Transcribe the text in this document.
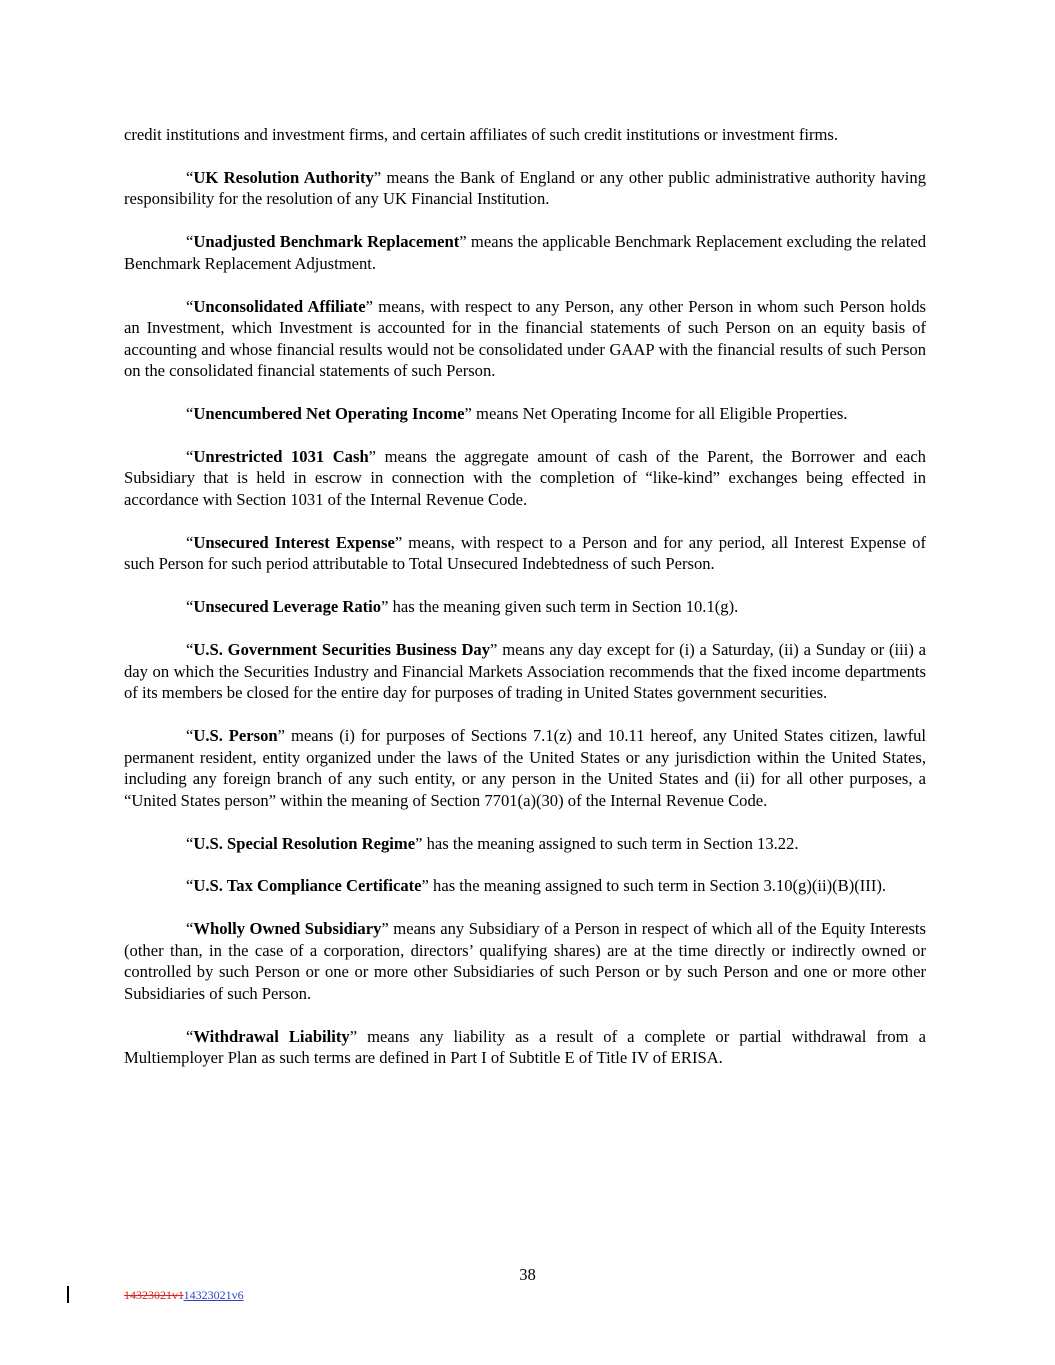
credit institutions and investment firms, and certain affiliates of such credit institutions or investment firms.

“UK Resolution Authority” means the Bank of England or any other public administrative authority having responsibility for the resolution of any UK Financial Institution.

“Unadjusted Benchmark Replacement” means the applicable Benchmark Replacement excluding the related Benchmark Replacement Adjustment.

“Unconsolidated Affiliate” means, with respect to any Person, any other Person in whom such Person holds an Investment, which Investment is accounted for in the financial statements of such Person on an equity basis of accounting and whose financial results would not be consolidated under GAAP with the financial results of such Person on the consolidated financial statements of such Person.

“Unencumbered Net Operating Income” means Net Operating Income for all Eligible Properties.

“Unrestricted 1031 Cash” means the aggregate amount of cash of the Parent, the Borrower and each Subsidiary that is held in escrow in connection with the completion of “like-kind” exchanges being effected in accordance with Section 1031 of the Internal Revenue Code.

“Unsecured Interest Expense” means, with respect to a Person and for any period, all Interest Expense of such Person for such period attributable to Total Unsecured Indebtedness of such Person.

“Unsecured Leverage Ratio” has the meaning given such term in Section 10.1(g).

“U.S. Government Securities Business Day” means any day except for (i) a Saturday, (ii) a Sunday or (iii) a day on which the Securities Industry and Financial Markets Association recommends that the fixed income departments of its members be closed for the entire day for purposes of trading in United States government securities.

“U.S. Person” means (i) for purposes of Sections 7.1(z) and 10.11 hereof, any United States citizen, lawful permanent resident, entity organized under the laws of the United States or any jurisdiction within the United States, including any foreign branch of any such entity, or any person in the United States and (ii) for all other purposes, a “United States person” within the meaning of Section 7701(a)(30) of the Internal Revenue Code.

“U.S. Special Resolution Regime” has the meaning assigned to such term in Section 13.22.

“U.S. Tax Compliance Certificate” has the meaning assigned to such term in Section 3.10(g)(ii)(B)(III).

“Wholly Owned Subsidiary” means any Subsidiary of a Person in respect of which all of the Equity Interests (other than, in the case of a corporation, directors’ qualifying shares) are at the time directly or indirectly owned or controlled by such Person or one or more other Subsidiaries of such Person or by such Person and one or more other Subsidiaries of such Person.

“Withdrawal Liability” means any liability as a result of a complete or partial withdrawal from a Multiemployer Plan as such terms are defined in Part I of Subtitle E of Title IV of ERISA.

38
14323021v114323021v6
